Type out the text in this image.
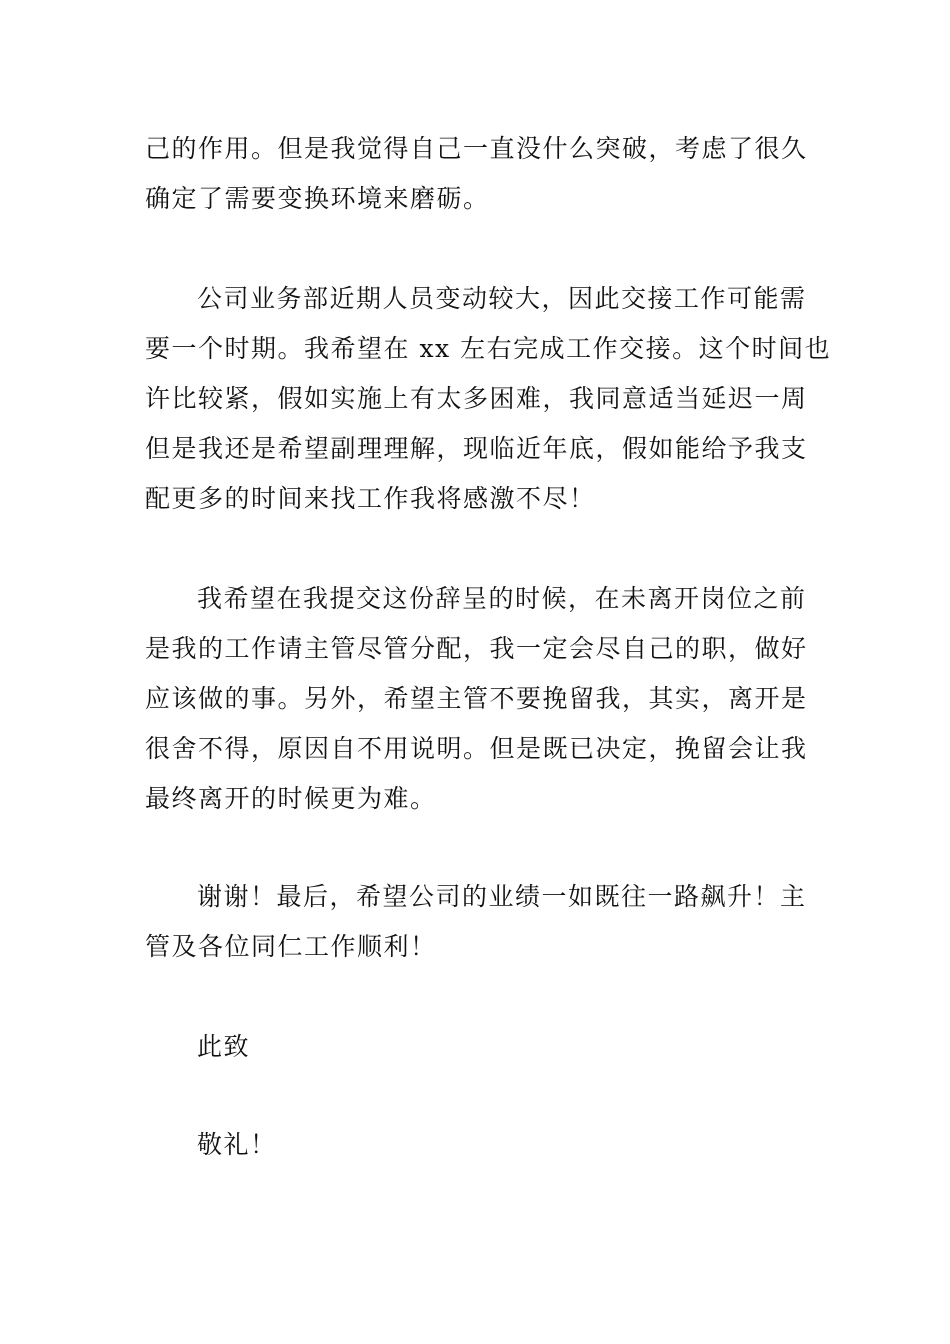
己的作用。但是我觉得自己一直没什么突破，考虑了很久
确定了需要变换环境来磨砺。
公司业务部近期人员变动较大，因此交接工作可能需
要一个时期。我希望在 xx 左右完成工作交接。这个时间也
许比较紧，假如实施上有太多困难，我同意适当延迟一周
但是我还是希望副理理解，现临近年底，假如能给予我支
配更多的时间来找工作我将感激不尽！
我希望在我提交这份辞呈的时候，在未离开岗位之前
是我的工作请主管尽管分配，我一定会尽自己的职，做好
应该做的事。另外，希望主管不要挽留我，其实，离开是
很舍不得，原因自不用说明。但是既已决定，挽留会让我
最终离开的时候更为难。
谢谢！最后，希望公司的业绩一如既往一路飙升！主
管及各位同仁工作顺利！
此致
敬礼！
